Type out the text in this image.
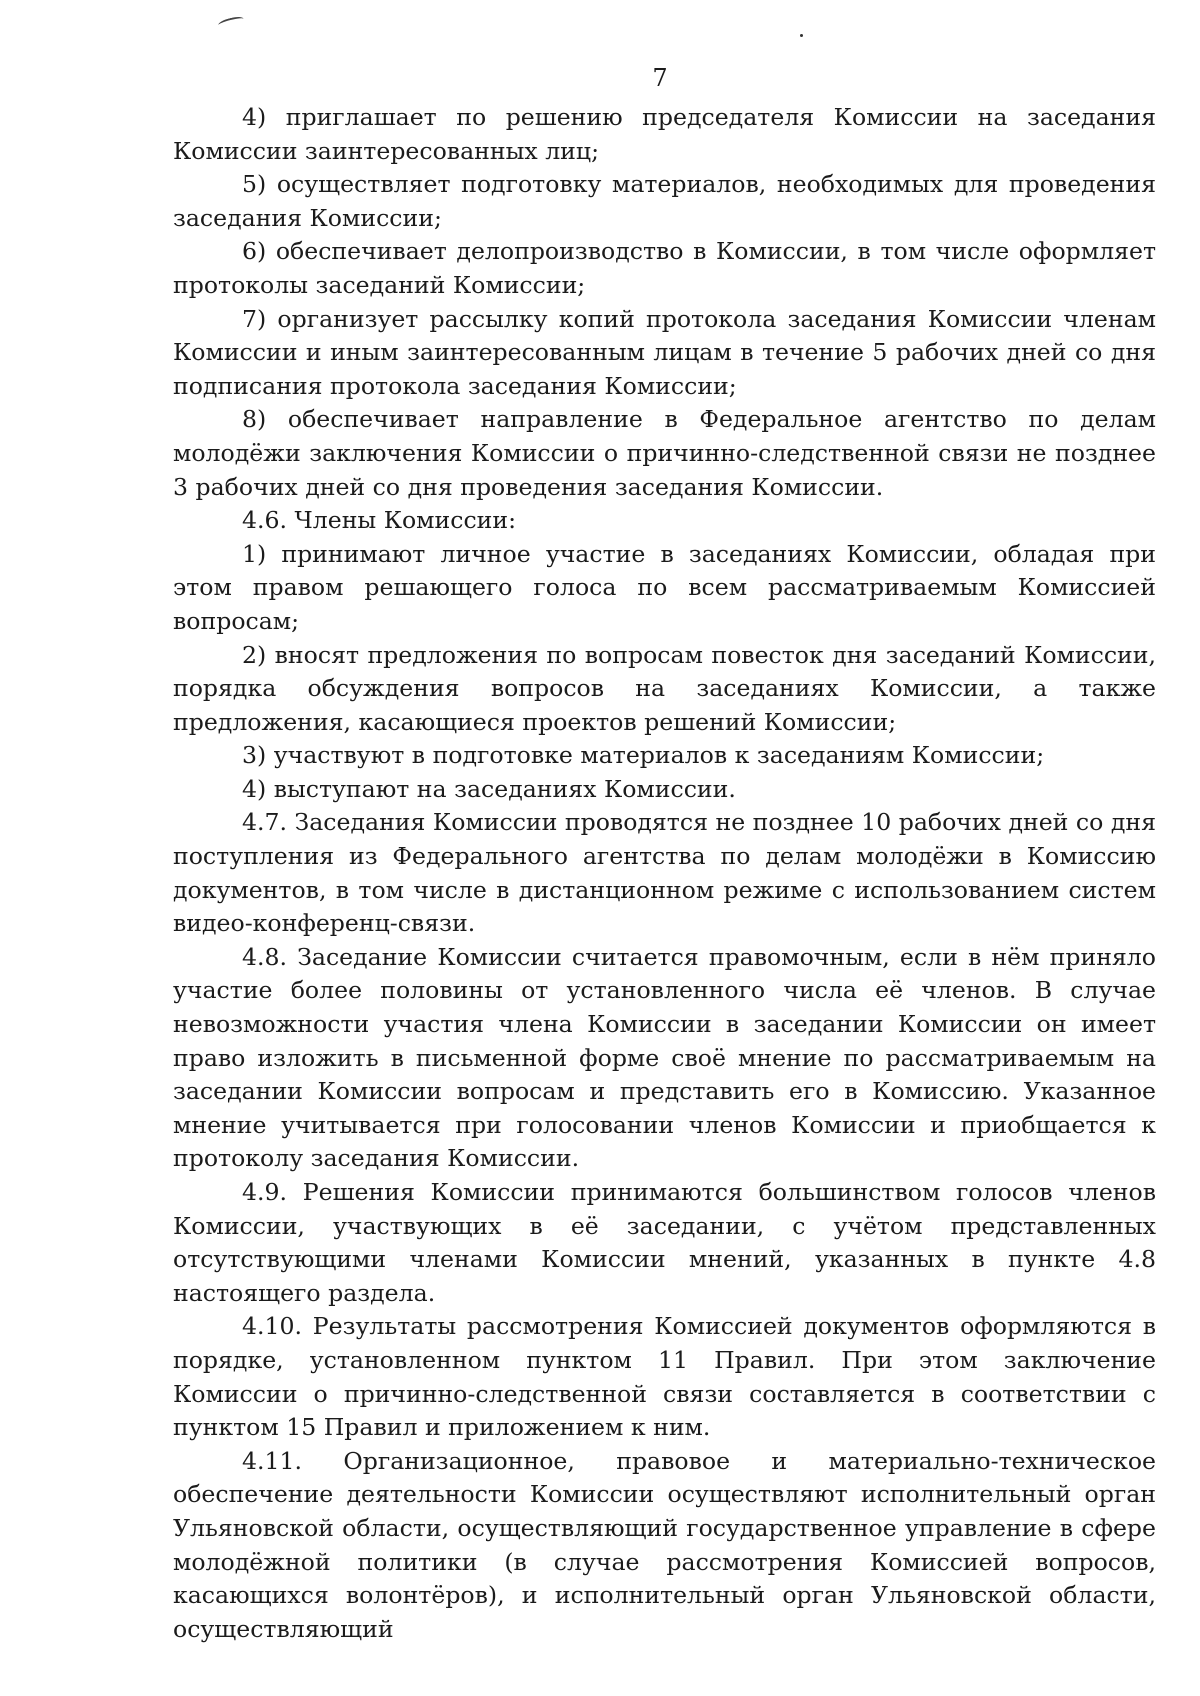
7

4) приглашает по решению председателя Комиссии на заседания Комиссии заинтересованных лиц;

5) осуществляет подготовку материалов, необходимых для проведения заседания Комиссии;

6) обеспечивает делопроизводство в Комиссии, в том числе оформляет протоколы заседаний Комиссии;

7) организует рассылку копий протокола заседания Комиссии членам Комиссии и иным заинтересованным лицам в течение 5 рабочих дней со дня подписания протокола заседания Комиссии;

8) обеспечивает направление в Федеральное агентство по делам молодёжи заключения Комиссии о причинно-следственной связи не позднее 3 рабочих дней со дня проведения заседания Комиссии.

4.6. Члены Комиссии:

1) принимают личное участие в заседаниях Комиссии, обладая при этом правом решающего голоса по всем рассматриваемым Комиссией вопросам;

2) вносят предложения по вопросам повесток дня заседаний Комиссии, порядка обсуждения вопросов на заседаниях Комиссии, а также предложения, касающиеся проектов решений Комиссии;

3) участвуют в подготовке материалов к заседаниям Комиссии;

4) выступают на заседаниях Комиссии.

4.7. Заседания Комиссии проводятся не позднее 10 рабочих дней со дня поступления из Федерального агентства по делам молодёжи в Комиссию документов, в том числе в дистанционном режиме с использованием систем видео-конференц-связи.

4.8. Заседание Комиссии считается правомочным, если в нём приняло участие более половины от установленного числа её членов. В случае невозможности участия члена Комиссии в заседании Комиссии он имеет право изложить в письменной форме своё мнение по рассматриваемым на заседании Комиссии вопросам и представить его в Комиссию. Указанное мнение учитывается при голосовании членов Комиссии и приобщается к протоколу заседания Комиссии.

4.9. Решения Комиссии принимаются большинством голосов членов Комиссии, участвующих в её заседании, с учётом представленных отсутствующими членами Комиссии мнений, указанных в пункте 4.8 настоящего раздела.

4.10. Результаты рассмотрения Комиссией документов оформляются в порядке, установленном пунктом 11 Правил. При этом заключение Комиссии о причинно-следственной связи составляется в соответствии с пунктом 15 Правил и приложением к ним.

4.11. Организационное, правовое и материально-техническое обеспечение деятельности Комиссии осуществляют исполнительный орган Ульяновской области, осуществляющий государственное управление в сфере молодёжной политики (в случае рассмотрения Комиссией вопросов, касающихся волонтёров), и исполнительный орган Ульяновской области, осуществляющий
